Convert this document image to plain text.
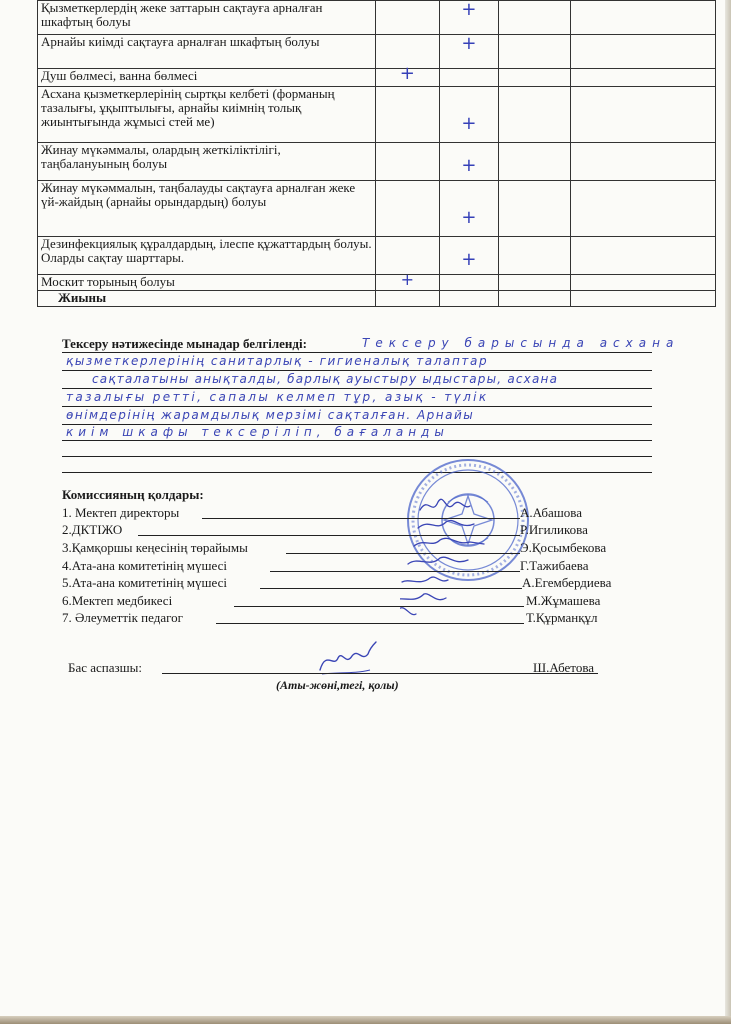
Қызметкерлердің жеке заттарын сақтауға арналған шкафтың болуы		+		

Арнайы киімді сақтауға арналған шкафтың болуы		+		

Душ бөлмесі, ванна бөлмесі	+			

Асхана қызметкерлерінің сыртқы келбеті (форманың тазалығы, ұқыптылығы, арнайы киімнің толық жиынтығында жұмысі стей ме)		+		

Жинау мүкәммалы, олардың жеткіліктілігі, таңбалануының болуы		+		

Жинау мүкәммалын, таңбалауды сақтауға арналған жеке үй-жайдың (арнайы орындардың) болуы		+		

Дезинфекциялық құралдардың, ілеспе құжаттардың болуы. Оларды сақтау шарттары.		+		

Москит торының болуы	+			

Жиыны				
Тексеру нәтижесінде мынадар белгіленді:	Тексеру барысында асхана
қызметкерлерінің санитарлық - гигиеналық талаптар
сақталатыны анықталды, барлық ауыстыру ыдыстары, асхана
тазалығы ретті, сапалы келмеп тұр, азық - түлік
өнімдерінің жарамдылық мерзімі сақталған. Арнайы
киім шкафы тексеріліп, бағаланды
Комиссияның қолдары:
1. Мектеп директоры	А.Абашова
2.ДКТІЖО	Р.Игиликова
3.Қамқоршы кеңесінің төрайымы	Э.Қосымбекова
4.Ата-ана комитетінің мүшесі	Г.Тажибаева
5.Ата-ана комитетінің мүшесі	А.Егембердиева
6.Мектеп медбикесі	М.Жұмашева
7. Әлеуметтік педагог	Т.Құрманқұл
Бас аспазшы:	Ш.Абетова
(Аты-жөні,тегі, қолы)
